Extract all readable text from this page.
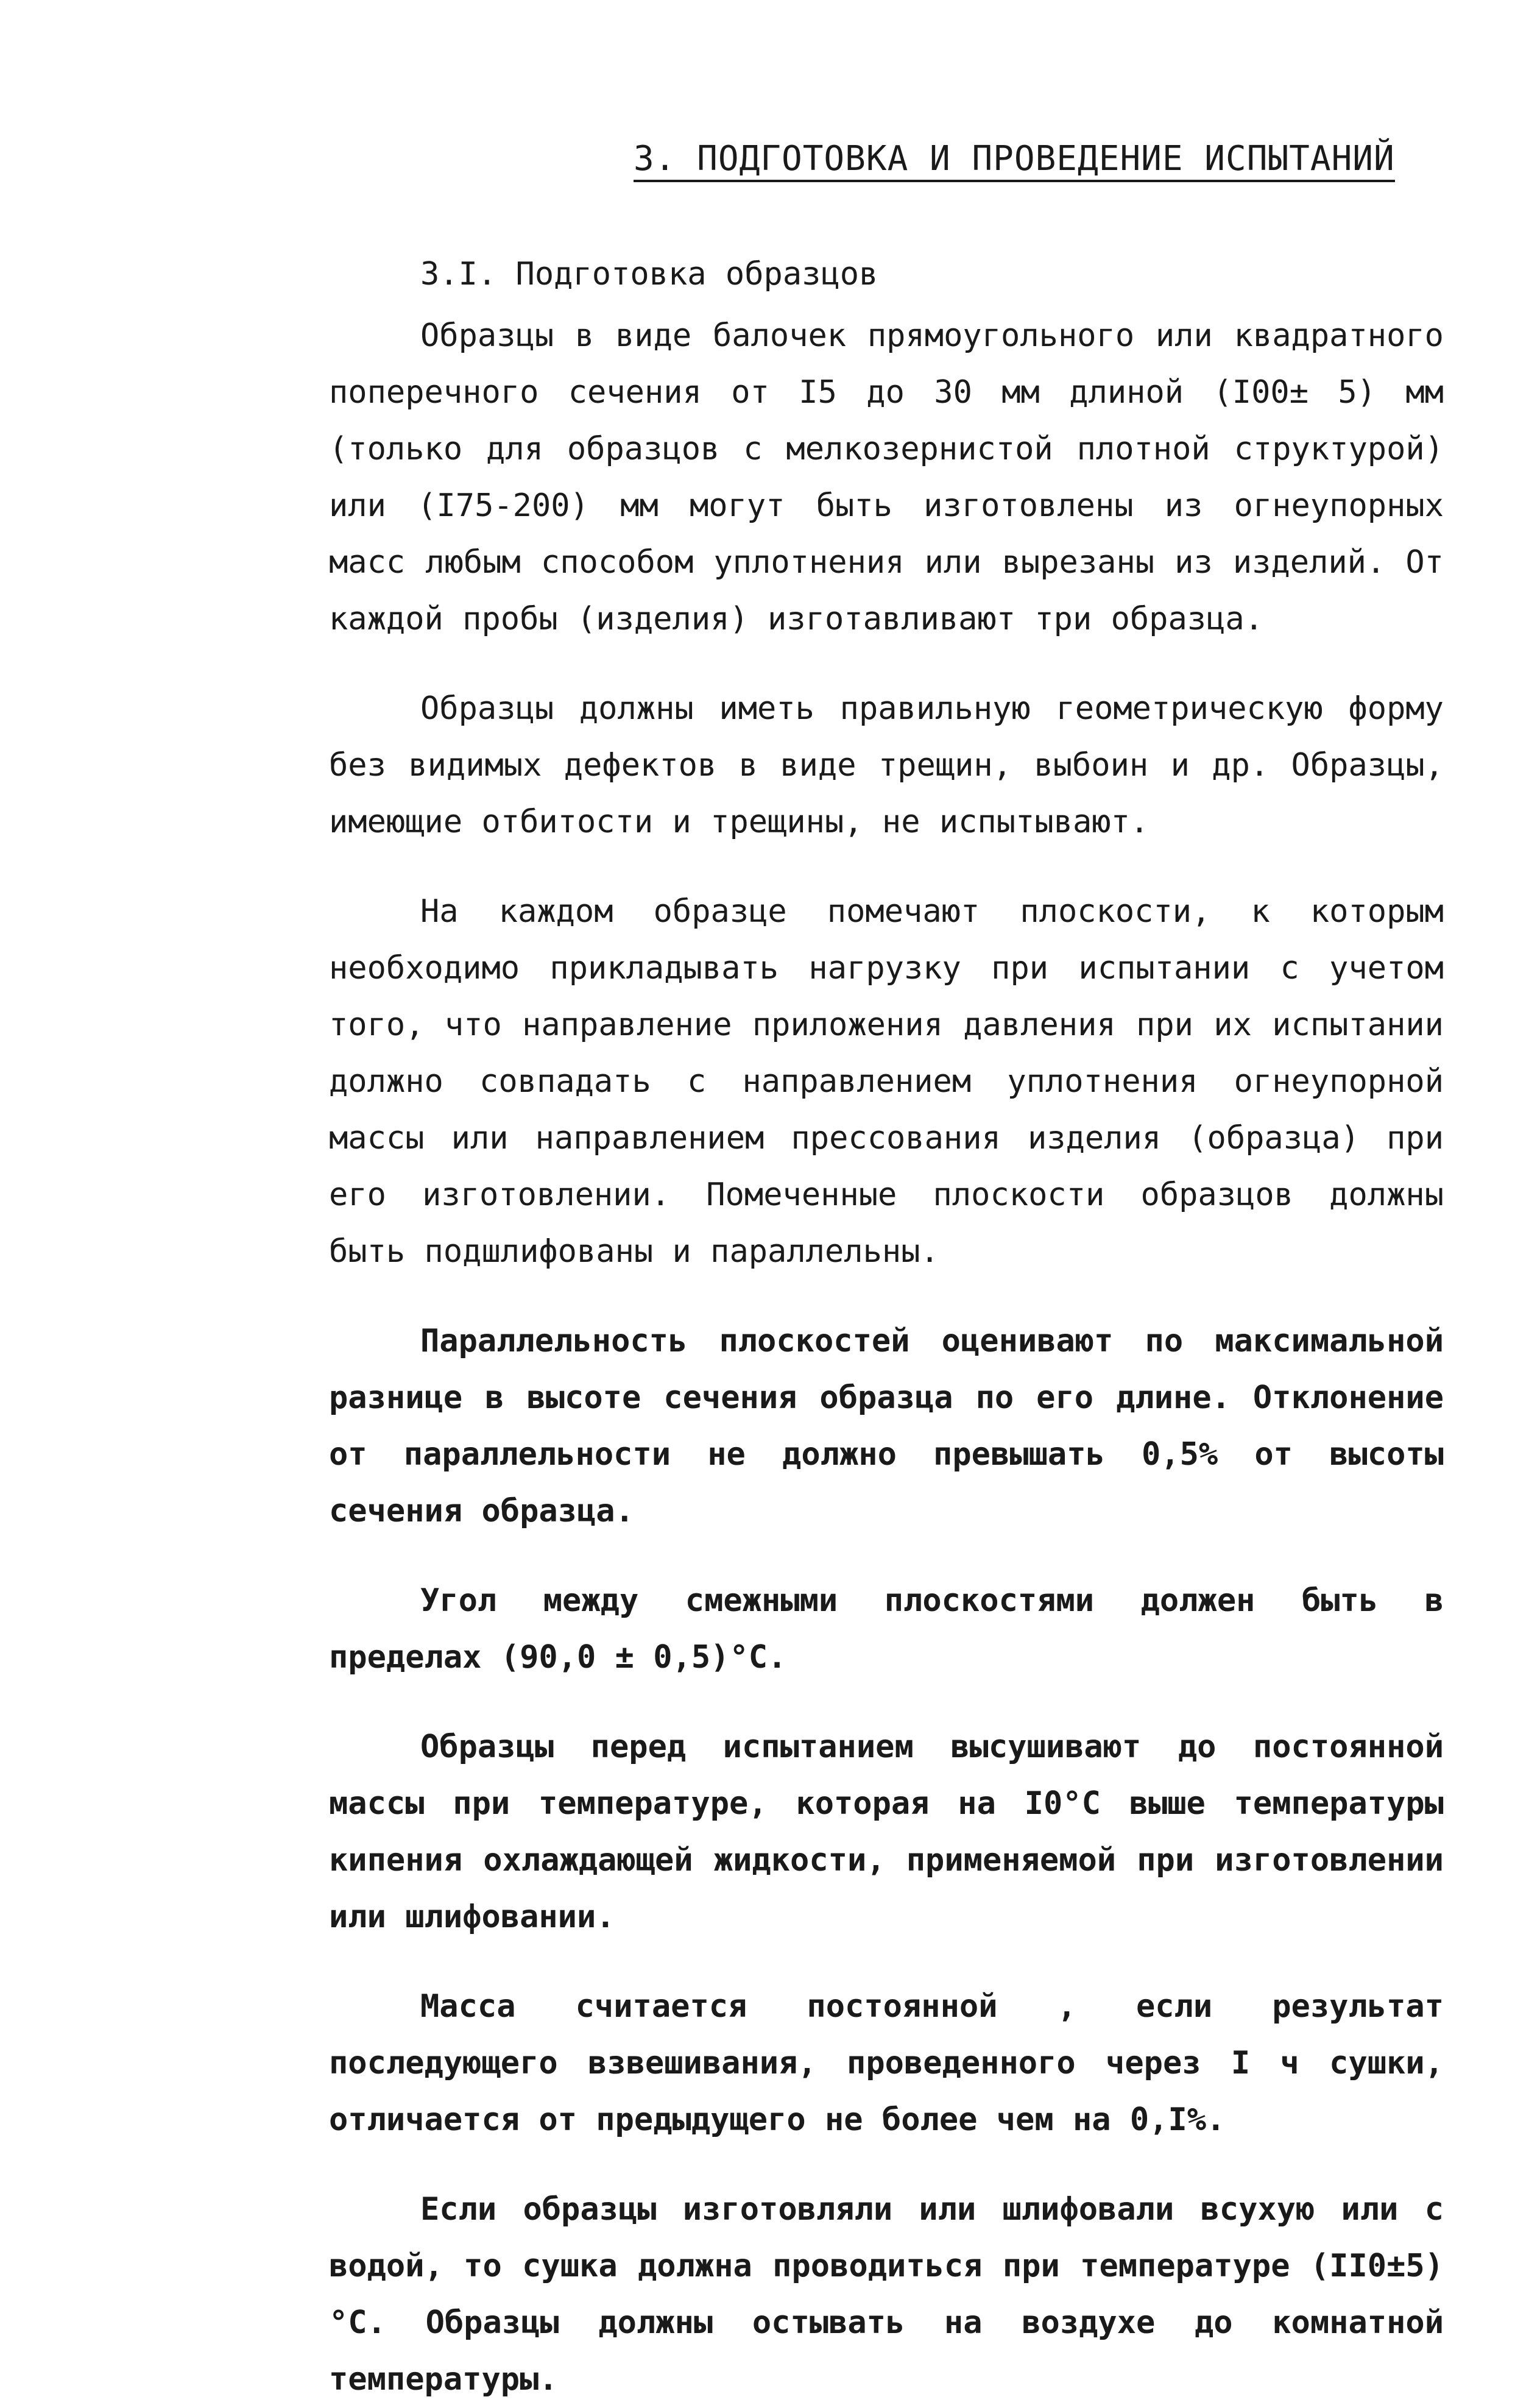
3. ПОДГОТОВКА И ПРОВЕДЕНИЕ ИСПЫТАНИЙ
3.I. Подготовка образцов

Образцы в виде балочек прямоугольного или квадратного поперечного сечения от I5 до 30 мм длиной (I00± 5) мм (только для образцов с мелкозернистой плотной структурой) или (I75-200) мм могут быть изготовлены из огнеупорных масс любым способом уплотнения или вырезаны из изделий. От каждой пробы (изделия) изготавливают три образца.

Образцы должны иметь правильную геометрическую форму без видимых дефектов в виде трещин, выбоин и др. Образцы, имеющие отбитости и трещины, не испытывают.

На каждом образце помечают плоскости, к которым необходимо прикладывать нагрузку при испытании с учетом того, что направление приложения давления при их испытании должно совпадать с направлением уплотнения огнеупорной массы или направлением прессования изделия (образца) при его изготовлении. Помеченные плоскости образцов должны быть подшлифованы и параллельны.

Параллельность плоскостей оценивают по максимальной разнице в высоте сечения образца по его длине. Отклонение от параллельности не должно превышать 0,5% от высоты сечения образца.

Угол между смежными плоскостями должен быть в пределах (90,0 ± 0,5)°С.

Образцы перед испытанием высушивают до постоянной массы при температуре, которая на I0°С выше температуры кипения охлаждающей жидкости, применяемой при изготовлении или шлифовании.

Масса считается постоянной , если результат последующего взвешивания, проведенного через I ч сушки, отличается от предыдущего не более чем на 0,I%.

Если образцы изготовляли или шлифовали всухую или с водой, то сушка должна проводиться при температуре (II0±5)°С. Образцы должны остывать на воздухе до комнатной температуры.
